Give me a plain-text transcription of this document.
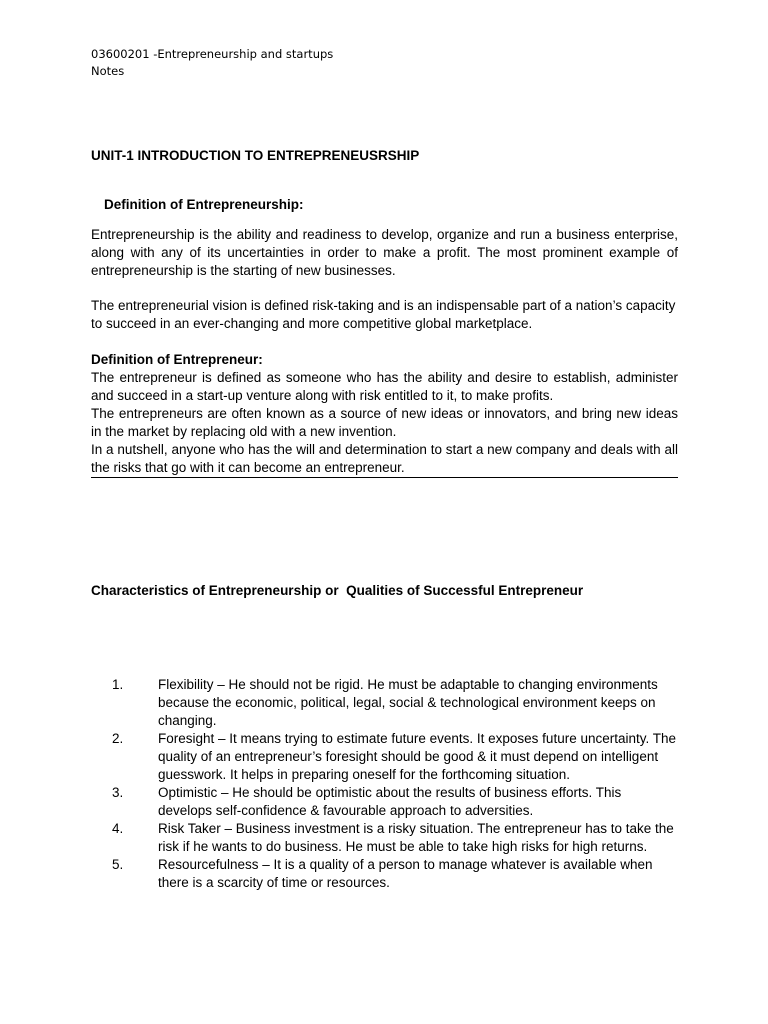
03600201 -Entrepreneurship and startups
Notes
UNIT-1 INTRODUCTION TO ENTREPRENEUSRSHIP
Definition of Entrepreneurship:
Entrepreneurship is the ability and readiness to develop, organize and run a business enterprise, along with any of its uncertainties in order to make a profit. The most prominent example of entrepreneurship is the starting of new businesses.
The entrepreneurial vision is defined risk-taking and is an indispensable part of a nation’s capacity to succeed in an ever-changing and more competitive global marketplace.
Definition of Entrepreneur:
The entrepreneur is defined as someone who has the ability and desire to establish, administer and succeed in a start-up venture along with risk entitled to it, to make profits.
The entrepreneurs are often known as a source of new ideas or innovators, and bring new ideas in the market by replacing old with a new invention.
In a nutshell, anyone who has the will and determination to start a new company and deals with all the risks that go with it can become an entrepreneur.
Characteristics of Entrepreneurship or  Qualities of Successful Entrepreneur
1.	Flexibility – He should not be rigid. He must be adaptable to changing environments because the economic, political, legal, social & technological environment keeps on changing.
2.	Foresight – It means trying to estimate future events. It exposes future uncertainty. The quality of an entrepreneur’s foresight should be good & it must depend on intelligent guesswork. It helps in preparing oneself for the forthcoming situation.
3.	Optimistic – He should be optimistic about the results of business efforts. This develops self-confidence & favourable approach to adversities.
4.	Risk Taker – Business investment is a risky situation. The entrepreneur has to take the risk if he wants to do business. He must be able to take high risks for high returns.
5.	Resourcefulness – It is a quality of a person to manage whatever is available when there is a scarcity of time or resources.
